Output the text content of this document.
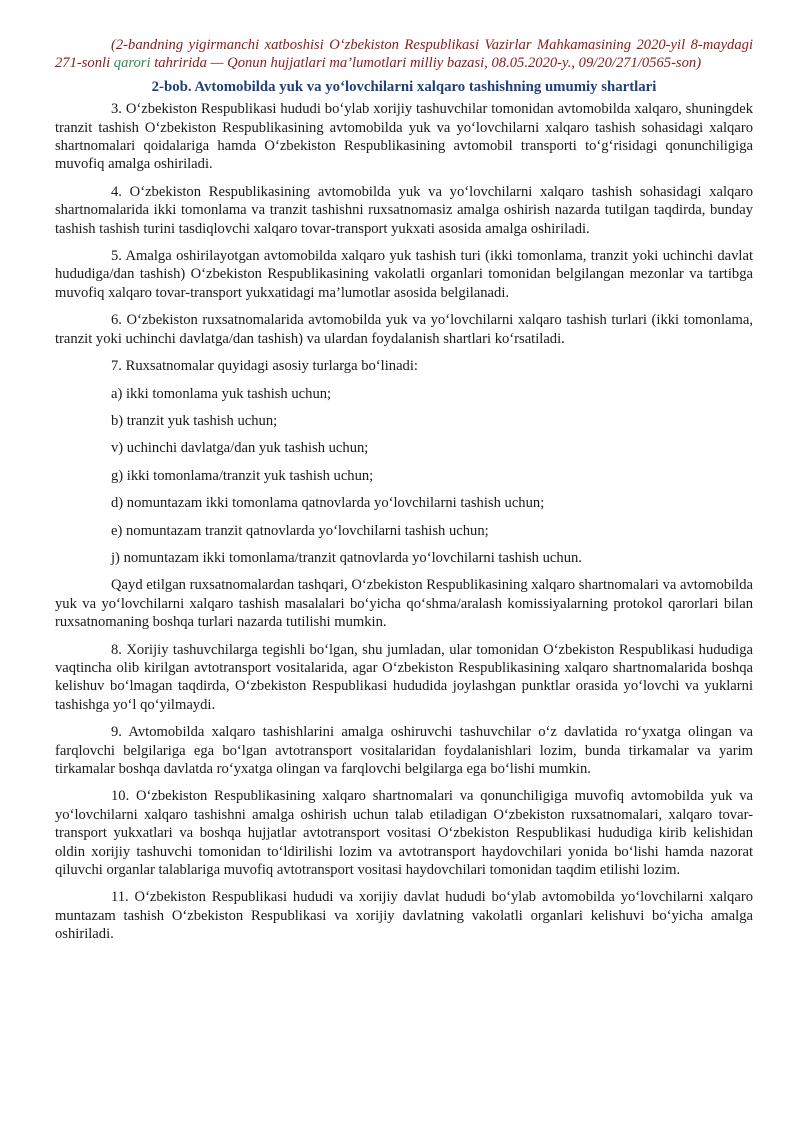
(2-bandning yigirmanchi xatboshisi O‘zbekiston Respublikasi Vazirlar Mahkamasining 2020-yil 8-maydagi 271-sonli qarori tahririda — Qonun hujjatlari ma’lumotlari milliy bazasi, 08.05.2020-y., 09/20/271/0565-son)

2-bob. Avtomobilda yuk va yo‘lovchilarni xalqaro tashishning umumiy shartlari

3. O‘zbekiston Respublikasi hududi bo‘ylab xorijiy tashuvchilar tomonidan avtomobilda xalqaro, shuningdek tranzit tashish O‘zbekiston Respublikasining avtomobilda yuk va yo‘lovchilarni xalqaro tashish sohasidagi xalqaro shartnomalari qoidalariga hamda O‘zbekiston Respublikasining avtomobil transporti to‘g‘risidagi qonunchiligiga muvofiq amalga oshiriladi.

4. O‘zbekiston Respublikasining avtomobilda yuk va yo‘lovchilarni xalqaro tashish sohasidagi xalqaro shartnomalarida ikki tomonlama va tranzit tashishni ruxsatnomasiz amalga oshirish nazarda tutilgan taqdirda, bunday tashish tashish turini tasdiqlovchi xalqaro tovar-transport yukxati asosida amalga oshiriladi.

5. Amalga oshirilayotgan avtomobilda xalqaro yuk tashish turi (ikki tomonlama, tranzit yoki uchinchi davlat hududiga/dan tashish) O‘zbekiston Respublikasining vakolatli organlari tomonidan belgilangan mezonlar va tartibga muvofiq xalqaro tovar-transport yukxatidagi ma’lumotlar asosida belgilanadi.

6. O‘zbekiston ruxsatnomalarida avtomobilda yuk va yo‘lovchilarni xalqaro tashish turlari (ikki tomonlama, tranzit yoki uchinchi davlatga/dan tashish) va ulardan foydalanish shartlari ko‘rsatiladi.

7. Ruxsatnomalar quyidagi asosiy turlarga bo‘linadi:

a) ikki tomonlama yuk tashish uchun;

b) tranzit yuk tashish uchun;

v) uchinchi davlatga/dan yuk tashish uchun;

g) ikki tomonlama/tranzit yuk tashish uchun;

d) nomuntazam ikki tomonlama qatnovlarda yo‘lovchilarni tashish uchun;

e) nomuntazam tranzit qatnovlarda yo‘lovchilarni tashish uchun;

j) nomuntazam ikki tomonlama/tranzit qatnovlarda yo‘lovchilarni tashish uchun.

Qayd etilgan ruxsatnomalardan tashqari, O‘zbekiston Respublikasining xalqaro shartnomalari va avtomobilda yuk va yo‘lovchilarni xalqaro tashish masalalari bo‘yicha qo‘shma/aralash komissiyalarning protokol qarorlari bilan ruxsatnomaning boshqa turlari nazarda tutilishi mumkin.

8. Xorijiy tashuvchilarga tegishli bo‘lgan, shu jumladan, ular tomonidan O‘zbekiston Respublikasi hududiga vaqtincha olib kirilgan avtotransport vositalarida, agar O‘zbekiston Respublikasining xalqaro shartnomalarida boshqa kelishuv bo‘lmagan taqdirda, O‘zbekiston Respublikasi hududida joylashgan punktlar orasida yo‘lovchi va yuklarni tashishga yo‘l qo‘yilmaydi.

9. Avtomobilda xalqaro tashishlarini amalga oshiruvchi tashuvchilar o‘z davlatida ro‘yxatga olingan va farqlovchi belgilariga ega bo‘lgan avtotransport vositalaridan foydalanishlari lozim, bunda tirkamalar va yarim tirkamalar boshqa davlatda ro‘yxatga olingan va farqlovchi belgilarga ega bo‘lishi mumkin.

10. O‘zbekiston Respublikasining xalqaro shartnomalari va qonunchiligiga muvofiq avtomobilda yuk va yo‘lovchilarni xalqaro tashishni amalga oshirish uchun talab etiladigan O‘zbekiston ruxsatnomalari, xalqaro tovar-transport yukxatlari va boshqa hujjatlar avtotransport vositasi O‘zbekiston Respublikasi hududiga kirib kelishidan oldin xorijiy tashuvchi tomonidan to‘ldirilishi lozim va avtotransport haydovchilari yonida bo‘lishi hamda nazorat qiluvchi organlar talablariga muvofiq avtotransport vositasi haydovchilari tomonidan taqdim etilishi lozim.

11. O‘zbekiston Respublikasi hududi va xorijiy davlat hududi bo‘ylab avtomobilda yo‘lovchilarni xalqaro muntazam tashish O‘zbekiston Respublikasi va xorijiy davlatning vakolatli organlari kelishuvi bo‘yicha amalga oshiriladi.
